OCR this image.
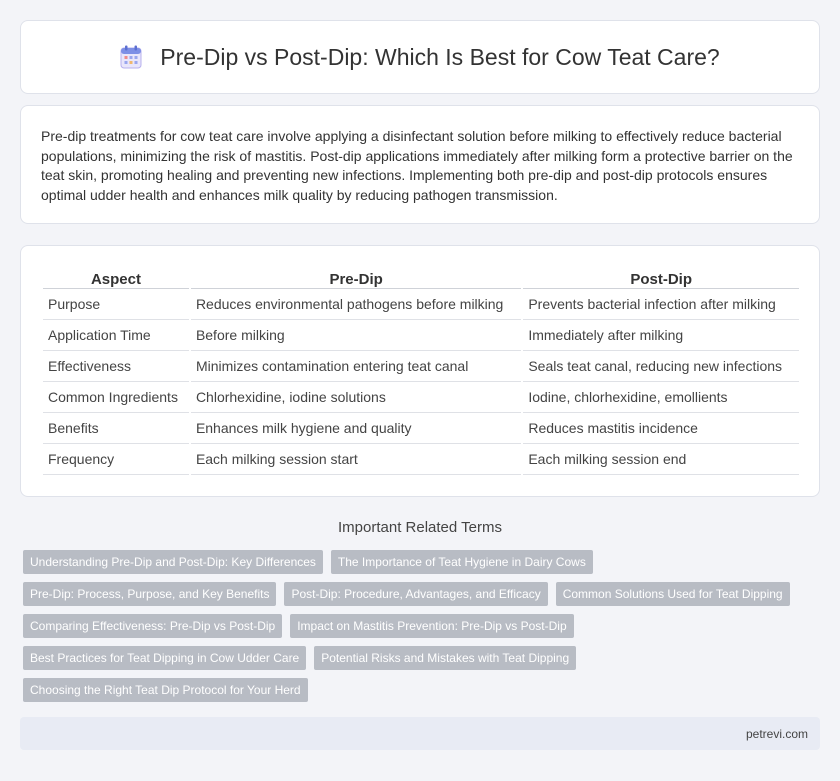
Pre-Dip vs Post-Dip: Which Is Best for Cow Teat Care?

Pre-dip treatments for cow teat care involve applying a disinfectant solution before milking to effectively reduce bacterial populations, minimizing the risk of mastitis. Post-dip applications immediately after milking form a protective barrier on the teat skin, promoting healing and preventing new infections. Implementing both pre-dip and post-dip protocols ensures optimal udder health and enhances milk quality by reducing pathogen transmission.

Aspect	Pre-Dip	Post-Dip
Purpose	Reduces environmental pathogens before milking	Prevents bacterial infection after milking
Application Time	Before milking	Immediately after milking
Effectiveness	Minimizes contamination entering teat canal	Seals teat canal, reducing new infections
Common Ingredients	Chlorhexidine, iodine solutions	Iodine, chlorhexidine, emollients
Benefits	Enhances milk hygiene and quality	Reduces mastitis incidence
Frequency	Each milking session start	Each milking session end
Important Related Terms
Understanding Pre-Dip and Post-Dip: Key Differences	The Importance of Teat Hygiene in Dairy Cows
Pre-Dip: Process, Purpose, and Key Benefits	Post-Dip: Procedure, Advantages, and Efficacy	Common Solutions Used for Teat Dipping
Comparing Effectiveness: Pre-Dip vs Post-Dip	Impact on Mastitis Prevention: Pre-Dip vs Post-Dip
Best Practices for Teat Dipping in Cow Udder Care	Potential Risks and Mistakes with Teat Dipping
Choosing the Right Teat Dip Protocol for Your Herd
petrevi.com
